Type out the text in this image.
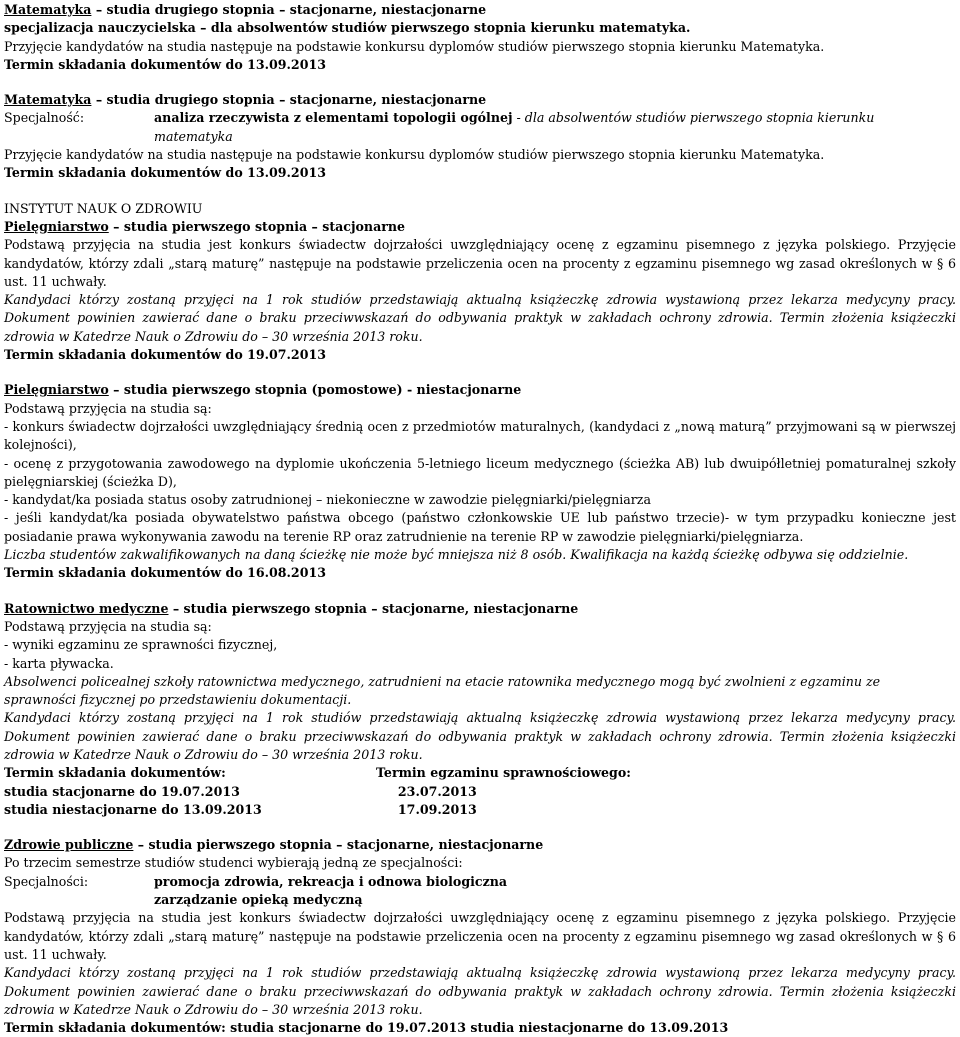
Matematyka – studia drugiego stopnia – stacjonarne, niestacjonarne

specjalizacja nauczycielska – dla absolwentów studiów pierwszego stopnia kierunku matematyka.

Przyjęcie kandydatów na studia następuje na podstawie konkursu dyplomów studiów pierwszego stopnia kierunku Matematyka.

Termin składania dokumentów do 13.09.2013

Matematyka – studia drugiego stopnia – stacjonarne, niestacjonarne

Specjalność:	analiza rzeczywista z elementami topologii ogólnej - dla absolwentów studiów pierwszego stopnia kierunku matematyka

Przyjęcie kandydatów na studia następuje na podstawie konkursu dyplomów studiów pierwszego stopnia kierunku Matematyka.

Termin składania dokumentów do 13.09.2013

INSTYTUT NAUK O ZDROWIU

Pielęgniarstwo – studia pierwszego stopnia – stacjonarne

Podstawą przyjęcia na studia jest konkurs świadectw dojrzałości uwzględniający ocenę z egzaminu pisemnego z języka polskiego. Przyjęcie kandydatów, którzy zdali „starą maturę” następuje na podstawie przeliczenia ocen na procenty z egzaminu pisemnego wg zasad określonych w § 6 ust. 11 uchwały.

Kandydaci którzy zostaną przyjęci na 1 rok studiów przedstawiają aktualną książeczkę zdrowia wystawioną przez lekarza medycyny pracy. Dokument powinien zawierać dane o braku przeciwwskazań do odbywania praktyk w zakładach ochrony zdrowia. Termin złożenia książeczki zdrowia w Katedrze Nauk o Zdrowiu do – 30 września 2013 roku.

Termin składania dokumentów do 19.07.2013

Pielęgniarstwo – studia pierwszego stopnia (pomostowe) - niestacjonarne

Podstawą przyjęcia na studia są:

- konkurs świadectw dojrzałości uwzględniający średnią ocen z przedmiotów maturalnych, (kandydaci z „nową maturą” przyjmowani są w pierwszej kolejności),

- ocenę z przygotowania zawodowego na dyplomie ukończenia 5-letniego liceum medycznego (ścieżka AB) lub dwuipółletniej pomaturalnej szkoły pielęgniarskiej (ścieżka D),

- kandydat/ka posiada status osoby zatrudnionej – niekonieczne w zawodzie pielęgniarki/pielęgniarza

- jeśli kandydat/ka posiada obywatelstwo państwa obcego (państwo członkowskie UE lub państwo trzecie)- w tym przypadku konieczne jest posiadanie prawa wykonywania zawodu na terenie RP oraz zatrudnienie na terenie RP w zawodzie pielęgniarki/pielęgniarza.

Liczba studentów zakwalifikowanych na daną ścieżkę nie może być mniejsza niż 8 osób. Kwalifikacja na każdą ścieżkę odbywa się oddzielnie.

Termin składania dokumentów do 16.08.2013

Ratownictwo medyczne – studia pierwszego stopnia – stacjonarne, niestacjonarne

Podstawą przyjęcia na studia są:

- wyniki egzaminu ze sprawności fizycznej,

- karta pływacka.

Absolwenci policealnej szkoły ratownictwa medycznego, zatrudnieni na etacie ratownika medycznego mogą być zwolnieni z egzaminu ze sprawności fizycznej po przedstawieniu dokumentacji.

Kandydaci którzy zostaną przyjęci na 1 rok studiów przedstawiają aktualną książeczkę zdrowia wystawioną przez lekarza medycyny pracy. Dokument powinien zawierać dane o braku przeciwwskazań do odbywania praktyk w zakładach ochrony zdrowia. Termin złożenia książeczki zdrowia w Katedrze Nauk o Zdrowiu do – 30 września 2013 roku.

Termin składania dokumentów:	Termin egzaminu sprawnościowego:
studia stacjonarne do 19.07.2013	23.07.2013
studia niestacjonarne do 13.09.2013	17.09.2013

Zdrowie publiczne – studia pierwszego stopnia – stacjonarne, niestacjonarne

Po trzecim semestrze studiów studenci wybierają jedną ze specjalności:

Specjalności:	promocja zdrowia, rekreacja i odnowa biologiczna

zarządzanie opieką medyczną

Podstawą przyjęcia na studia jest konkurs świadectw dojrzałości uwzględniający ocenę z egzaminu pisemnego z języka polskiego. Przyjęcie kandydatów, którzy zdali „starą maturę” następuje na podstawie przeliczenia ocen na procenty z egzaminu pisemnego wg zasad określonych w § 6 ust. 11 uchwały.

Kandydaci którzy zostaną przyjęci na 1 rok studiów przedstawiają aktualną książeczkę zdrowia wystawioną przez lekarza medycyny pracy. Dokument powinien zawierać dane o braku przeciwwskazań do odbywania praktyk w zakładach ochrony zdrowia. Termin złożenia książeczki zdrowia w Katedrze Nauk o Zdrowiu do – 30 września 2013 roku.

Termin składania dokumentów: studia stacjonarne do 19.07.2013 studia niestacjonarne do 13.09.2013
